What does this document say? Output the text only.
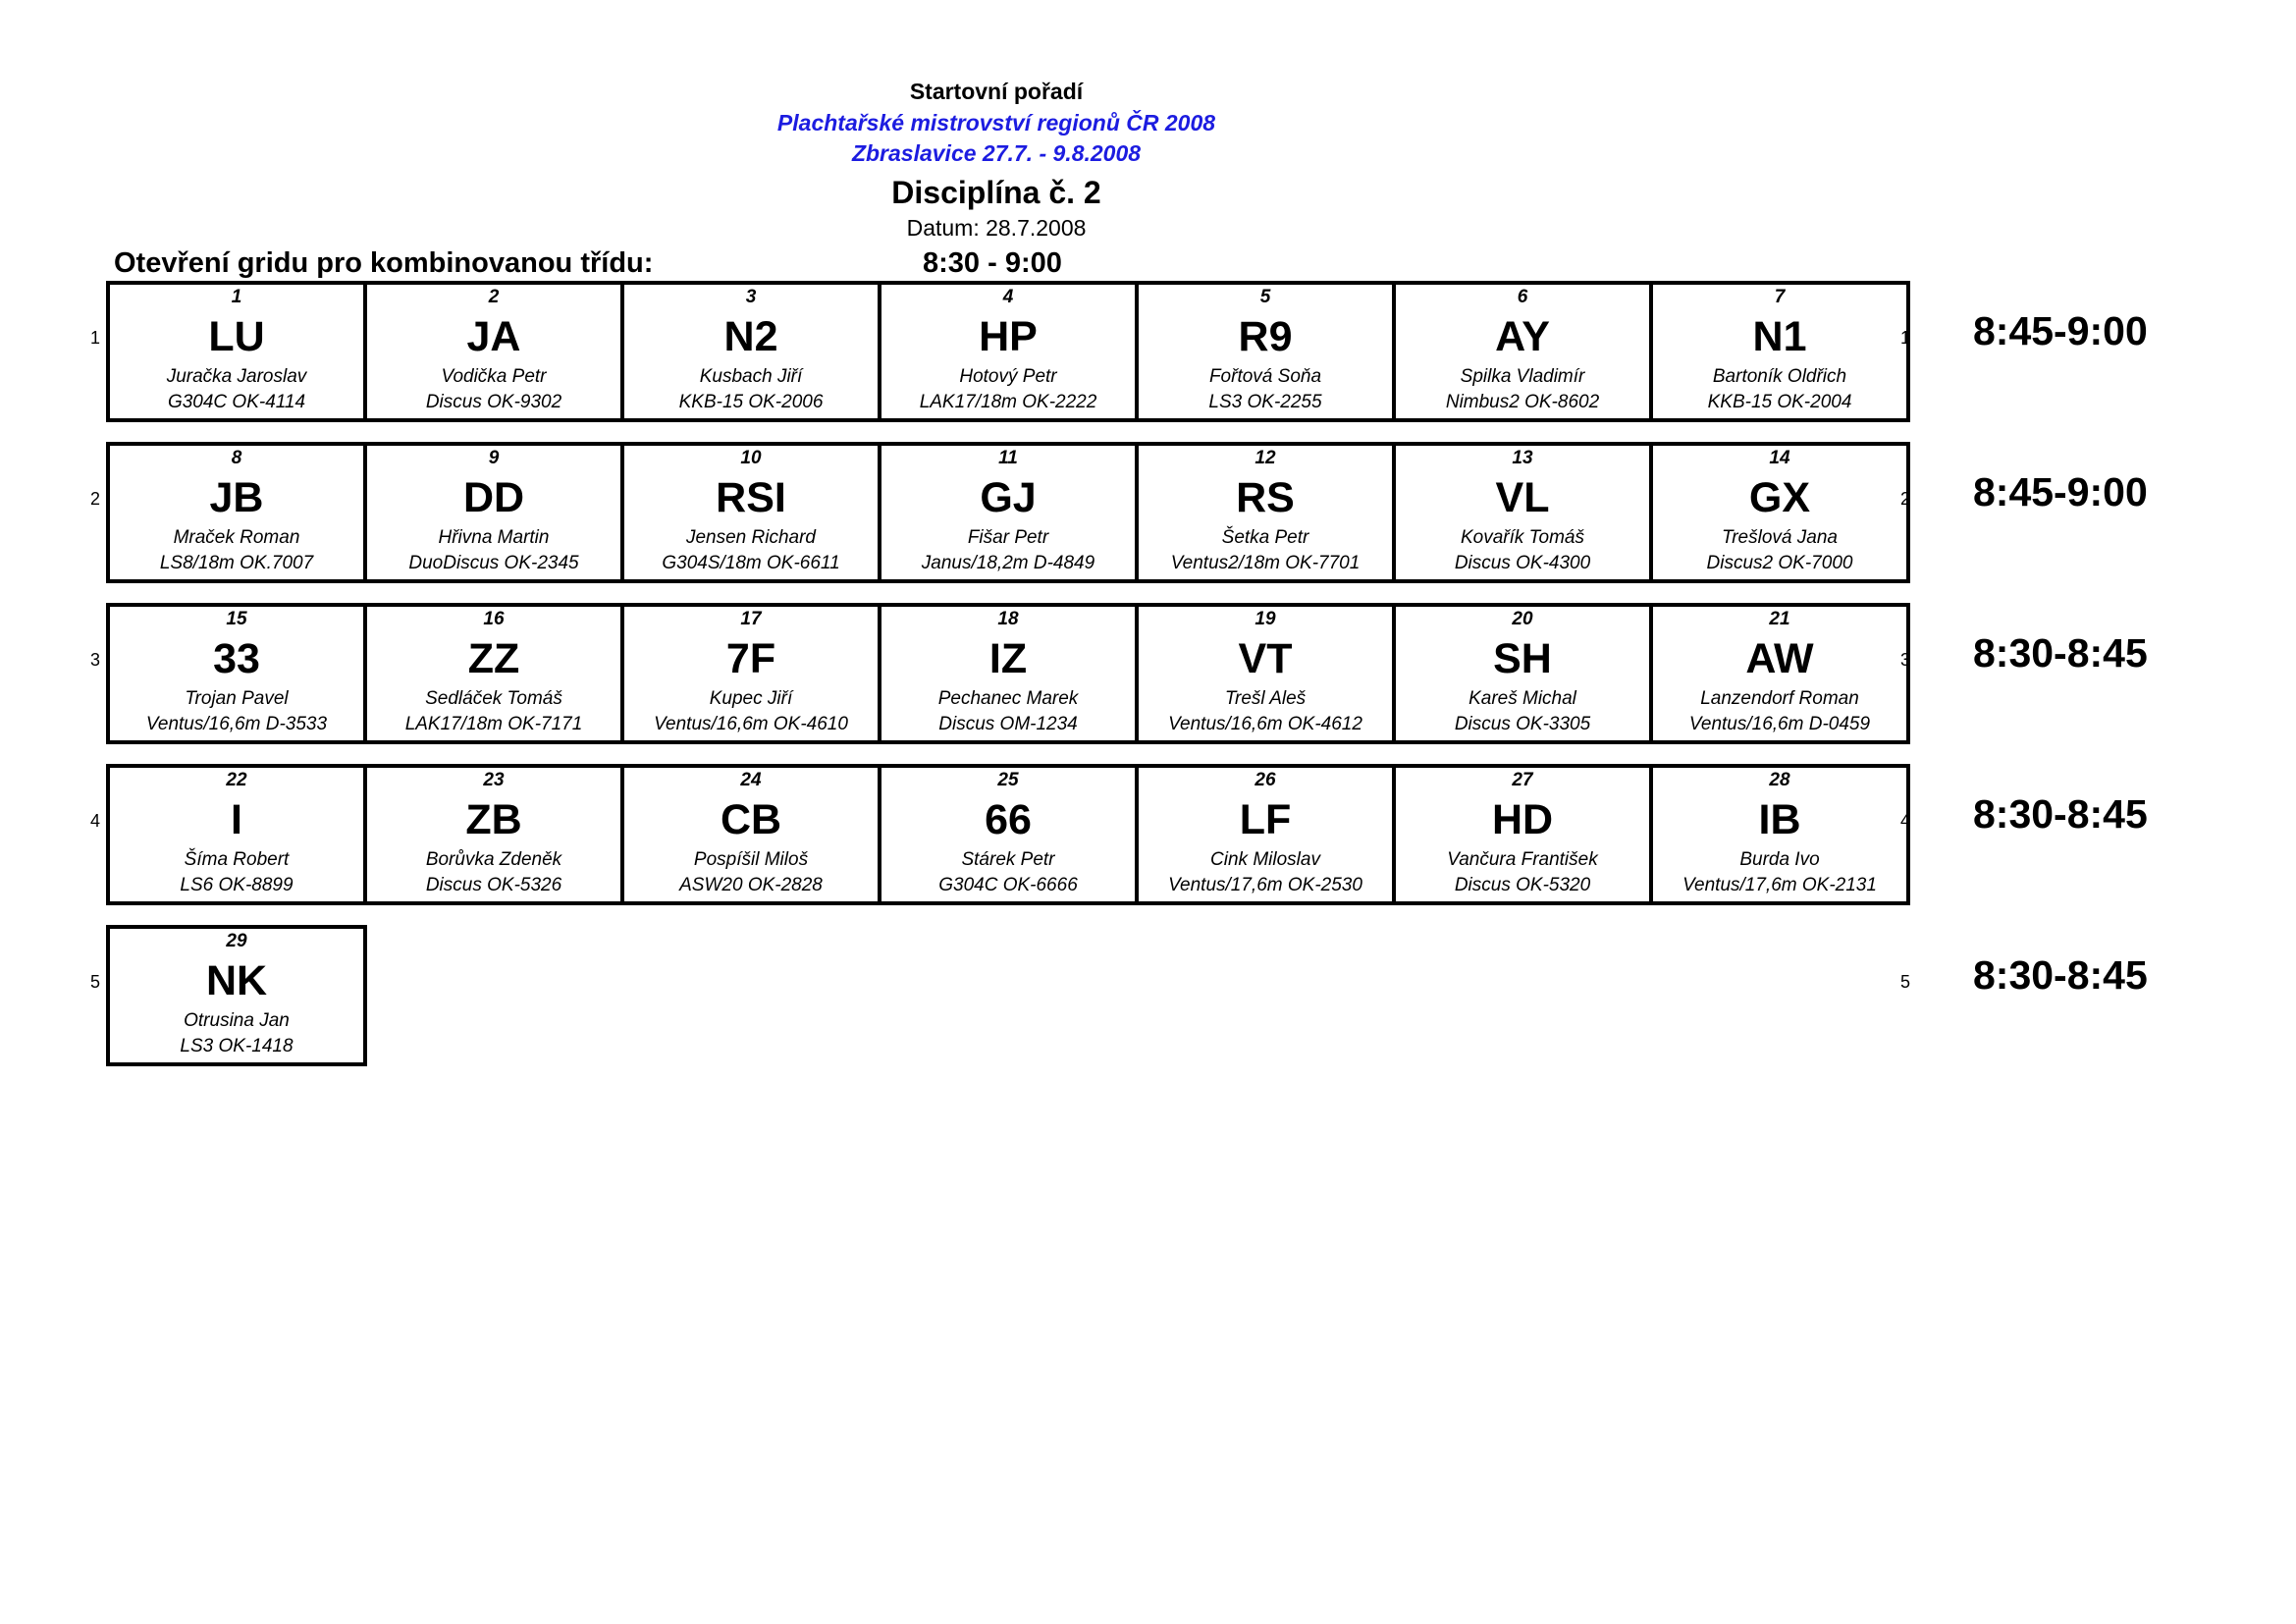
Startovní pořadí
Plachtařské mistrovství regionů ČR 2008
Zbraslavice 27.7. - 9.8.2008
Disciplína č. 2
Datum: 28.7.2008
Otevření gridu pro kombinovanou třídu:	8:30 - 9:00
1
1
LU
Juračka Jaroslav
G304C OK-4114
2
JA
Vodička Petr
Discus OK-9302
3
N2
Kusbach Jiří
KKB-15 OK-2006
4
HP
Hotový Petr
LAK17/18m OK-2222
5
R9
Fořtová Soňa
LS3 OK-2255
6
AY
Spilka Vladimír
Nimbus2 OK-8602
7
N1
Bartoník Oldřich
KKB-15 OK-2004
1 8:45-9:00
2
8
JB
Mraček Roman
LS8/18m OK.7007
9
DD
Hřivna Martin
DuoDiscus OK-2345
10
RSI
Jensen Richard
G304S/18m OK-6611
11
GJ
Fišar Petr
Janus/18,2m D-4849
12
RS
Šetka Petr
Ventus2/18m OK-7701
13
VL
Kovařík Tomáš
Discus OK-4300
14
GX
Trešlová Jana
Discus2 OK-7000
2 8:45-9:00
3
15
33
Trojan Pavel
Ventus/16,6m D-3533
16
ZZ
Sedláček Tomáš
LAK17/18m OK-7171
17
7F
Kupec Jiří
Ventus/16,6m OK-4610
18
IZ
Pechanec Marek
Discus OM-1234
19
VT
Trešl Aleš
Ventus/16,6m OK-4612
20
SH
Kareš Michal
Discus OK-3305
21
AW
Lanzendorf Roman
Ventus/16,6m D-0459
3 8:30-8:45
4
22
I
Šíma Robert
LS6 OK-8899
23
ZB
Borůvka Zdeněk
Discus OK-5326
24
CB
Pospíšil Miloš
ASW20 OK-2828
25
66
Stárek Petr
G304C OK-6666
26
LF
Cink Miloslav
Ventus/17,6m OK-2530
27
HD
Vančura František
Discus OK-5320
28
IB
Burda Ivo
Ventus/17,6m OK-2131
4 8:30-8:45
5
29
NK
Otrusina Jan
LS3 OK-1418
5 8:30-8:45
